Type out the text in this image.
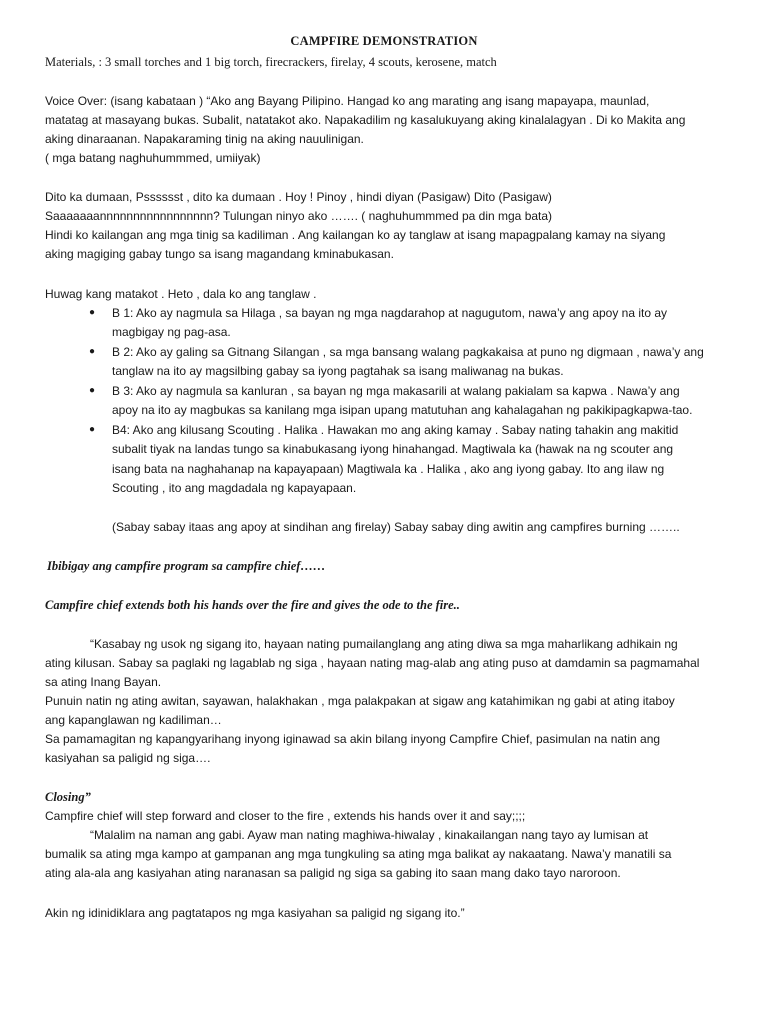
CAMPFIRE DEMONSTRATION
Materials, : 3 small torches and 1 big torch, firecrackers, firelay, 4 scouts, kerosene, match
Voice Over: (isang kabataan ) “Ako ang Bayang Pilipino. Hangad ko ang marating ang isang mapayapa, maunlad,
matatag at masayang bukas. Subalit, natatakot ako. Napakadilim ng kasalukuyang aking kinalalagyan . Di ko Makita ang
aking dinaraanan. Napakaraming tinig na aking nauulinigan.
( mga batang naghuhummmed, umiiyak)
Dito ka dumaan, Psssssst , dito ka dumaan . Hoy ! Pinoy , hindi diyan (Pasigaw) Dito (Pasigaw)
Saaaaaaannnnnnnnnnnnnnnnn? Tulungan ninyo ako ……. ( naghuhummmed pa din mga bata)
Hindi ko kailangan ang mga tinig sa kadiliman . Ang kailangan ko ay tanglaw at isang mapagpalang kamay na siyang
aking magiging gabay tungo sa isang magandang kminabukasan.
Huwag kang matakot . Heto , dala ko ang tanglaw .
● B 1: Ako ay nagmula sa Hilaga , sa bayan ng mga nagdarahop at nagugutom, nawa’y ang apoy na ito ay
magbigay ng pag-asa.
● B 2: Ako ay galing sa Gitnang Silangan , sa mga bansang walang pagkakaisa at puno ng digmaan , nawa’y ang
tanglaw na ito ay magsilbing gabay sa iyong pagtahak sa isang maliwanag na bukas.
● B 3: Ako ay nagmula sa kanluran , sa bayan ng mga makasarili at walang pakialam sa kapwa . Nawa’y ang
apoy na ito ay magbukas sa kanilang mga isipan upang matutuhan ang kahalagahan ng pakikipagkapwa-tao.
● B4: Ako ang kilusang Scouting . Halika . Hawakan mo ang aking kamay . Sabay nating tahakin ang makitid
subalit tiyak na landas tungo sa kinabukasang iyong hinahangad. Magtiwala ka (hawak na ng scouter ang
isang bata na naghahanap na kapayapaan) Magtiwala ka . Halika , ako ang iyong gabay. Ito ang ilaw ng
Scouting , ito ang magdadala ng kapayapaan.
(Sabay sabay itaas ang apoy at sindihan ang firelay) Sabay sabay ding awitin ang campfires burning ……..
Ibibigay ang campfire program sa campfire chief……
Campfire chief extends both his hands over the fire and gives the ode to the fire..
“Kasabay ng usok ng sigang ito, hayaan nating pumailanglang ang ating diwa sa mga maharlikang adhikain ng
ating kilusan. Sabay sa paglaki ng lagablab ng siga , hayaan nating mag-alab ang ating puso at damdamin sa pagmamahal
sa ating Inang Bayan.
Punuin natin ng ating awitan, sayawan, halakhakan , mga palakpakan at sigaw ang katahimikan ng gabi at ating itaboy
ang kapanglawan ng kadiliman…
Sa pamamagitan ng kapangyarihang inyong iginawad sa akin bilang inyong Campfire Chief, pasimulan na natin ang
kasiyahan sa paligid ng siga….
Closing”
Campfire chief will step forward and closer to the fire , extends his hands over it and say;;;;
“Malalim na naman ang gabi. Ayaw man nating maghiwa-hiwalay , kinakailangan nang tayo ay lumisan at
bumalik sa ating mga kampo at gampanan ang mga tungkuling sa ating mga balikat ay nakaatang. Nawa’y manatili sa
ating ala-ala ang kasiyahan ating naranasan sa paligid ng siga sa gabing ito saan mang dako tayo naroroon.
Akin ng idinidiklara ang pagtatapos ng mga kasiyahan sa paligid ng sigang ito.”
